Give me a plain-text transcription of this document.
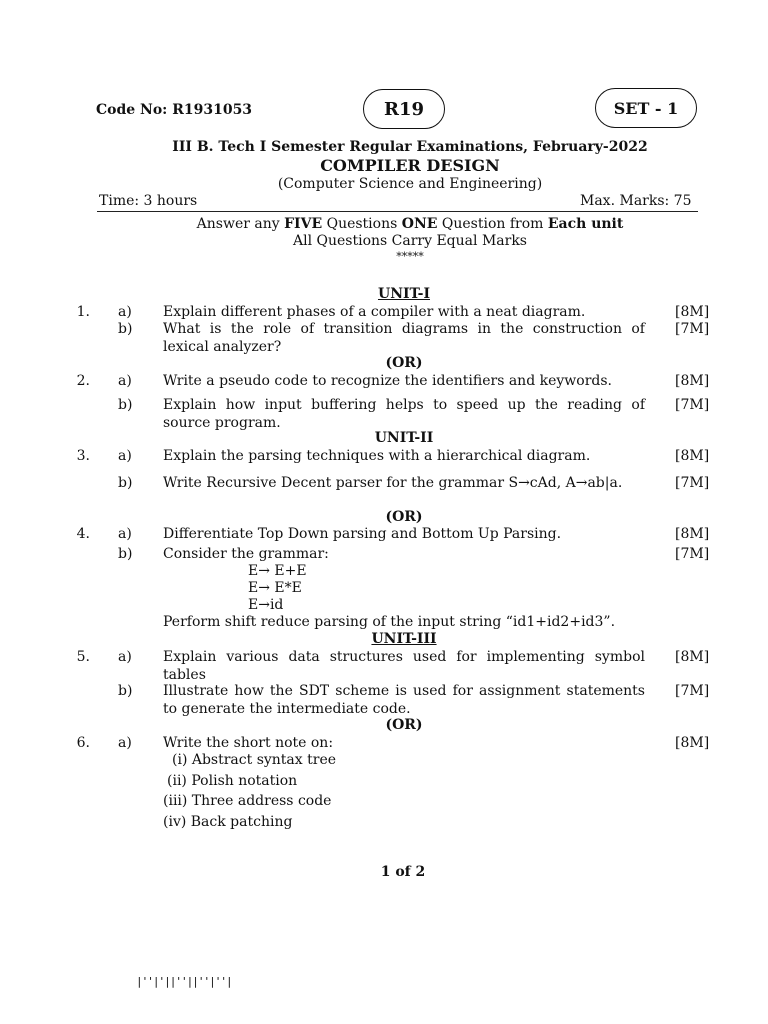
Code No: R1931053	R19	SET - 1
III B. Tech I Semester Regular Examinations, February-2022
COMPILER DESIGN
(Computer Science and Engineering)
Time: 3 hours	Max. Marks: 75
Answer any FIVE Questions ONE Question from Each unit
All Questions Carry Equal Marks
*****
UNIT-I
1. a) Explain different phases of a compiler with a neat diagram.	[8M]
b) What is the role of transition diagrams in the construction of lexical analyzer?
[7M]
(OR)
2. a) Write a pseudo code to recognize the identifiers and keywords.	[8M]
b) Explain how input buffering helps to speed up the reading of source program.
[7M]
UNIT-II
3. a) Explain the parsing techniques with a hierarchical diagram.	[8M]
b) Write Recursive Decent parser for the grammar S→cAd, A→ab|a.	[7M]
(OR)
4. a) Differentiate Top Down parsing and Bottom Up Parsing.	[8M]
b) Consider the grammar:	[7M]
E→ E+E
E→ E*E
E→id
Perform shift reduce parsing of the input string “id1+id2+id3”.
UNIT-III
5. a) Explain various data structures used for implementing symbol tables
[8M]
b) Illustrate how the SDT scheme is used for assignment statements to generate the intermediate code.
[7M]
(OR)
6. a) Write the short note on:	[8M]
(i) Abstract syntax tree
(ii) Polish notation
(iii) Three address code
(iv) Back patching
1 of 2
|''|'||''||''|''|
